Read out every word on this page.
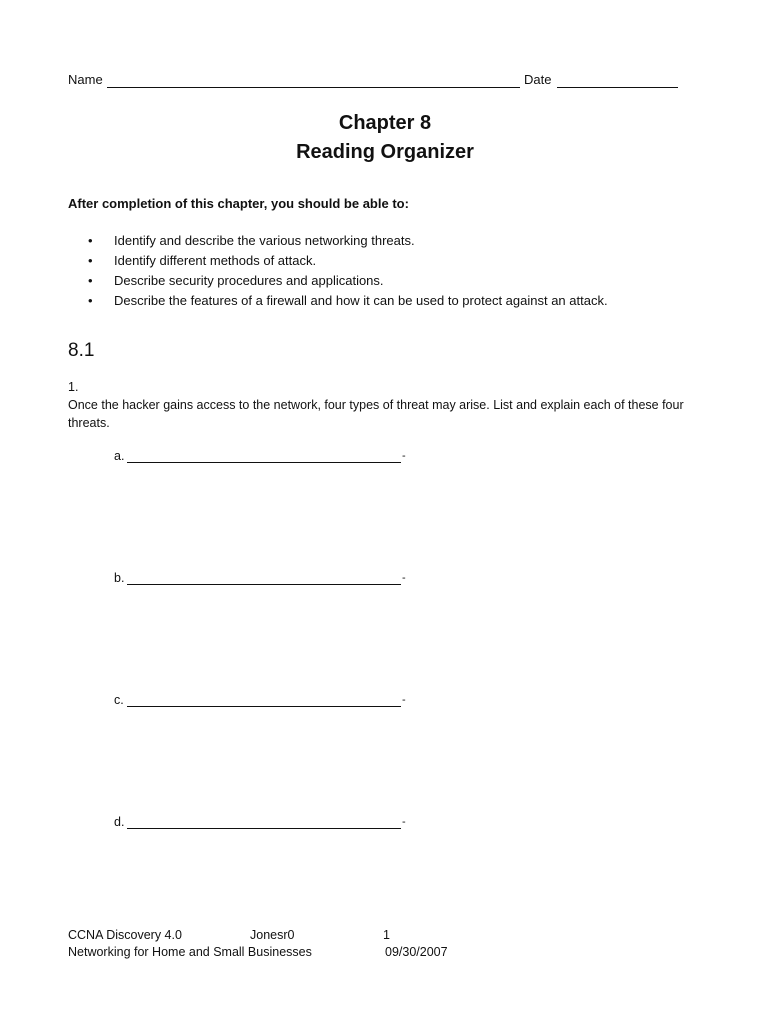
Name	Date
Chapter 8
Reading Organizer
After completion of this chapter, you should be able to:
• Identify and describe the various networking threats.
• Identify different methods of attack.
• Describe security procedures and applications.
• Describe the features of a firewall and how it can be used to protect against an attack.
8.1
1.
Once the hacker gains access to the network, four types of threat may arise. List and explain each of these four threats.
a.	-
b.	-
c.	-
d.	-
CCNA Discovery 4.0	Jonesr0	1
Networking for Home and Small Businesses	09/30/2007
